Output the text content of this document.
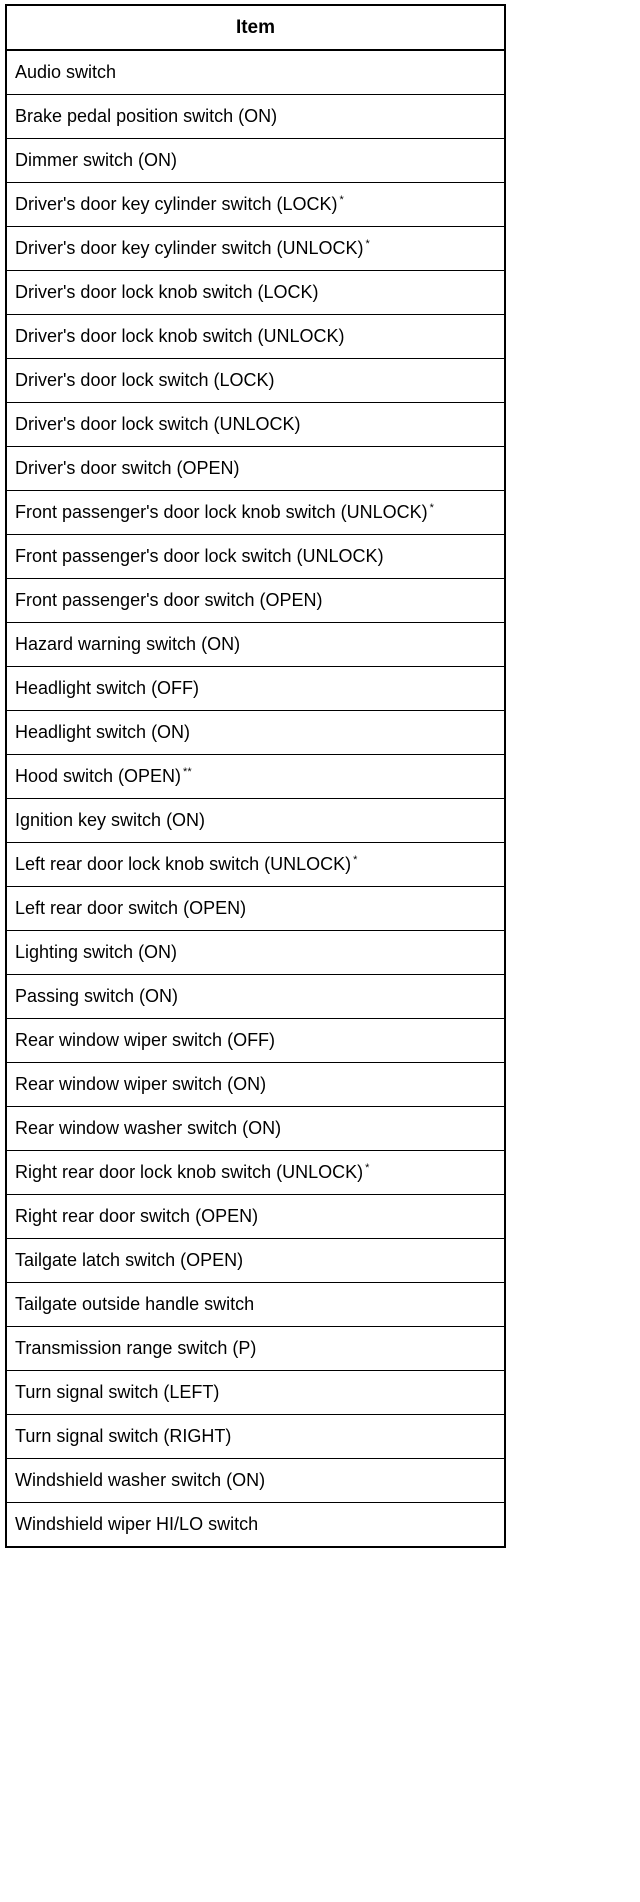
Item
Audio switch
Brake pedal position switch (ON)
Dimmer switch (ON)
Driver's door key cylinder switch (LOCK) *
Driver's door key cylinder switch (UNLOCK) *
Driver's door lock knob switch (LOCK)
Driver's door lock knob switch (UNLOCK)
Driver's door lock switch (LOCK)
Driver's door lock switch (UNLOCK)
Driver's door switch (OPEN)
Front passenger's door lock knob switch (UNLOCK) *
Front passenger's door lock switch (UNLOCK)
Front passenger's door switch (OPEN)
Hazard warning switch (ON)
Headlight switch (OFF)
Headlight switch (ON)
Hood switch (OPEN) **
Ignition key switch (ON)
Left rear door lock knob switch (UNLOCK) *
Left rear door switch (OPEN)
Lighting switch (ON)
Passing switch (ON)
Rear window wiper switch (OFF)
Rear window wiper switch (ON)
Rear window washer switch (ON)
Right rear door lock knob switch (UNLOCK) *
Right rear door switch (OPEN)
Tailgate latch switch (OPEN)
Tailgate outside handle switch
Transmission range switch (P)
Turn signal switch (LEFT)
Turn signal switch (RIGHT)
Windshield washer switch (ON)
Windshield wiper HI/LO switch
